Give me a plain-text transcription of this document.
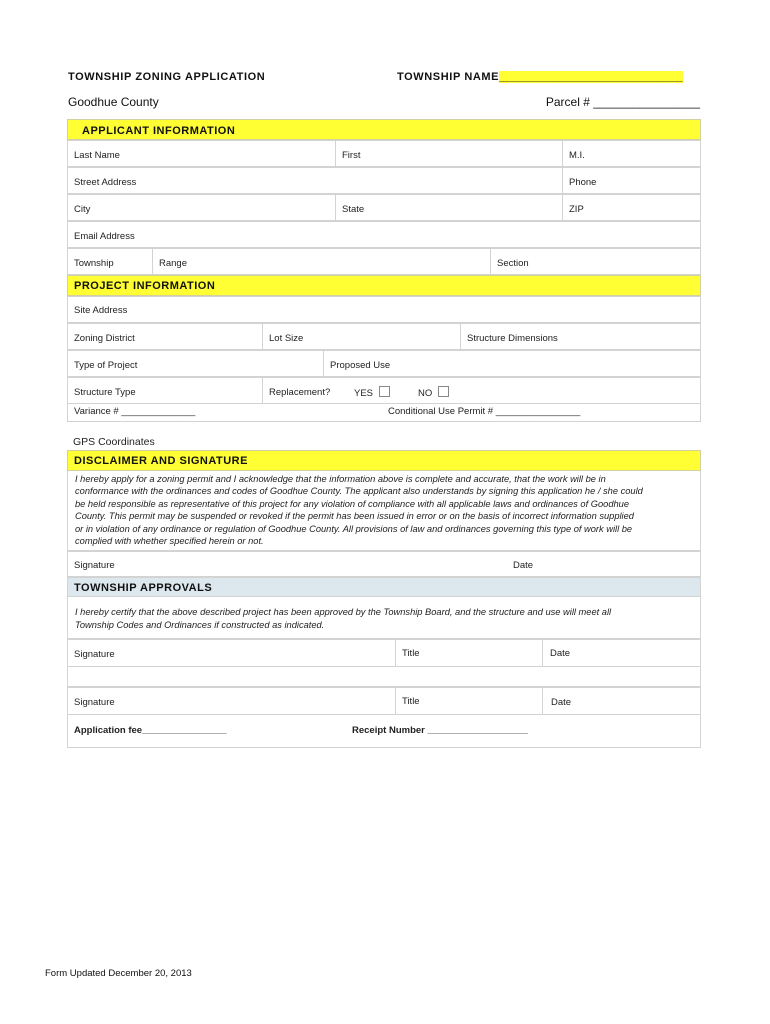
TOWNSHIP ZONING APPLICATION	TOWNSHIP NAME______________________________
Goodhue County	Parcel # ________________
APPLICANT INFORMATION
Last Name	First	M.I.
Street Address	Phone
City	State	ZIP
Email Address
Township	Range	Section
PROJECT INFORMATION
Site Address
Zoning District	Lot Size	Structure Dimensions
Type of Project	Proposed Use
Structure Type	Replacement? YES	NO
Variance # ______________	Conditional Use Permit # ________________
GPS Coordinates
DISCLAIMER AND SIGNATURE
I hereby apply for a zoning permit and I acknowledge that the information above is complete and accurate, that the work will be in
conformance with the ordinances and codes of Goodhue County. The applicant also understands by signing this application he / she could
be held responsible as representative of this project for any violation of compliance with all applicable laws and ordinances of Goodhue
County. This permit may be suspended or revoked if the permit has been issued in error or on the basis of incorrect information supplied
or in violation of any ordinance or regulation of Goodhue County. All provisions of law and ordinances governing this type of work will be
complied with whether specified herein or not.
Signature	Date
TOWNSHIP APPROVALS
I hereby certify that the above described project has been approved by the Township Board, and the structure and use will meet all
Township Codes and Ordinances if constructed as indicated.
Signature	Title	Date
Signature	Title	Date
Application fee________________	Receipt Number ___________________
Form Updated December 20, 2013
